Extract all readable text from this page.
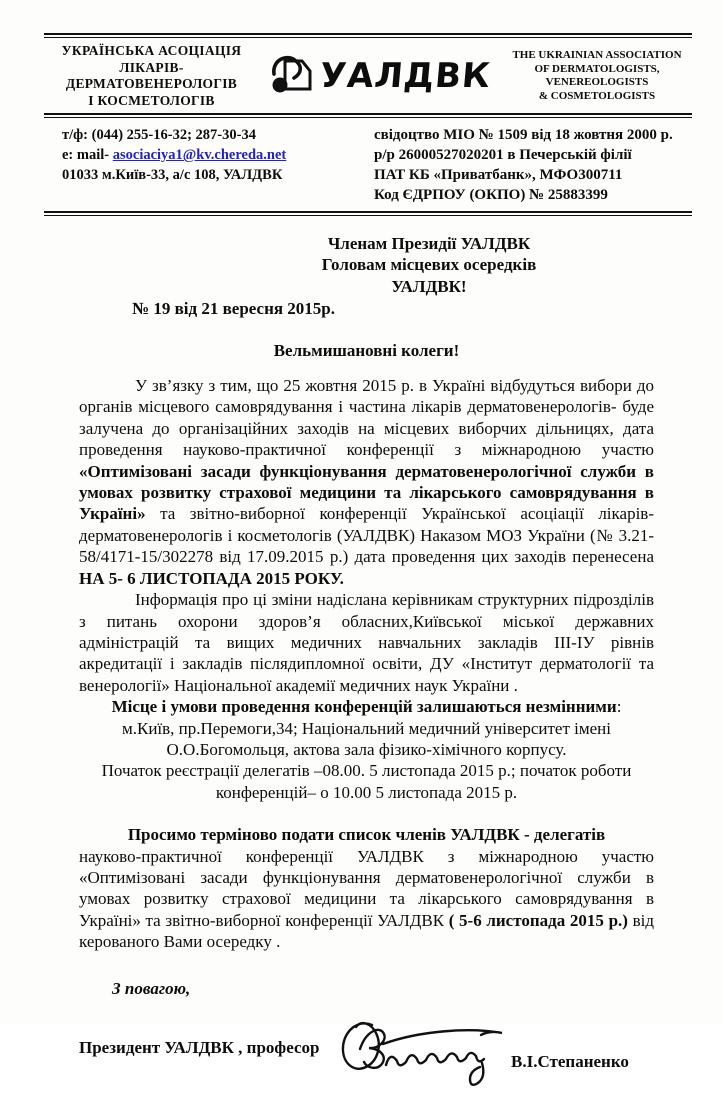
УКРАЇНСЬКА АСОЦІАЦІЯ
ЛІКАРІВ-ДЕРМАТОВЕНЕРОЛОГІВ
І КОСМЕТОЛОГІВ
УАЛДВК
THE UKRAINIAN ASSOCIATION
OF DERMATOLOGISTS,
VENEREOLOGISTS
& COSMETOLOGISTS
т/ф: (044) 255-16-32; 287-30-34
e: mail- asociaciya1@kv.chereda.net
01033 м.Київ-33, а/с 108, УАЛДВК
свідоцтво МІО № 1509 від 18 жовтня 2000 р.
р/р 26000527020201 в Печерській філії
ПАТ КБ «Приватбанк», МФО300711
Код ЄДРПОУ (ОКПО) № 25883399
Членам Президії УАЛДВК
Головам місцевих осередків
УАЛДВК!
№ 19 від 21 вересня 2015р.
Вельмишановні колеги!

У зв’язку з тим, що 25 жовтня 2015 р. в Україні відбудуться вибори до органів місцевого самоврядування і частина лікарів дерматовенерологів- буде залучена до організаційних заходів на місцевих виборчих дільницях, дата проведення науково-практичної конференції з міжнародною участю «Оптимізовані засади функціонування дерматовенерологічної служби в умовах розвитку страхової медицини та лікарського самоврядування в Україні» та звітно-виборної конференції Української асоціації лікарів-дерматовенерологів і косметологів (УАЛДВК) Наказом МОЗ України (№ 3.21-58/4171-15/302278 від 17.09.2015 р.) дата проведення цих заходів перенесена НА 5- 6 ЛИСТОПАДА 2015 РОКУ.

Інформація про ці зміни надіслана керівникам структурних підрозділів з питань охорони здоров’я обласних,Київської міської державних адміністрацій та вищих медичних навчальних закладів ІІІ-ІУ рівнів акредитації і закладів післядипломної освіти, ДУ «Інститут дерматології та венерології» Національної академії медичних наук України .

Місце і умови проведення конференцій залишаються незмінними:
м.Київ, пр.Перемоги,34; Національний медичний університет імені О.О.Богомольця, актова зала фізико-хімічного корпусу.
Початок реєстрації делегатів –08.00. 5 листопада 2015 р.; початок роботи конференцій– о 10.00 5 листопада 2015 р.
Просимо терміново подати список членів УАЛДВК - делегатів

науково-практичної конференції УАЛДВК з міжнародною участю «Оптимізовані засади функціонування дерматовенерологічної служби в умовах розвитку страхової медицини та лікарського самоврядування в Україні» та звітно-виборної конференції УАЛДВК ( 5-6 листопада 2015 р.) від керованого Вами осередку .

З повагою,
Президент УАЛДВК , професор
В.І.Степаненко
